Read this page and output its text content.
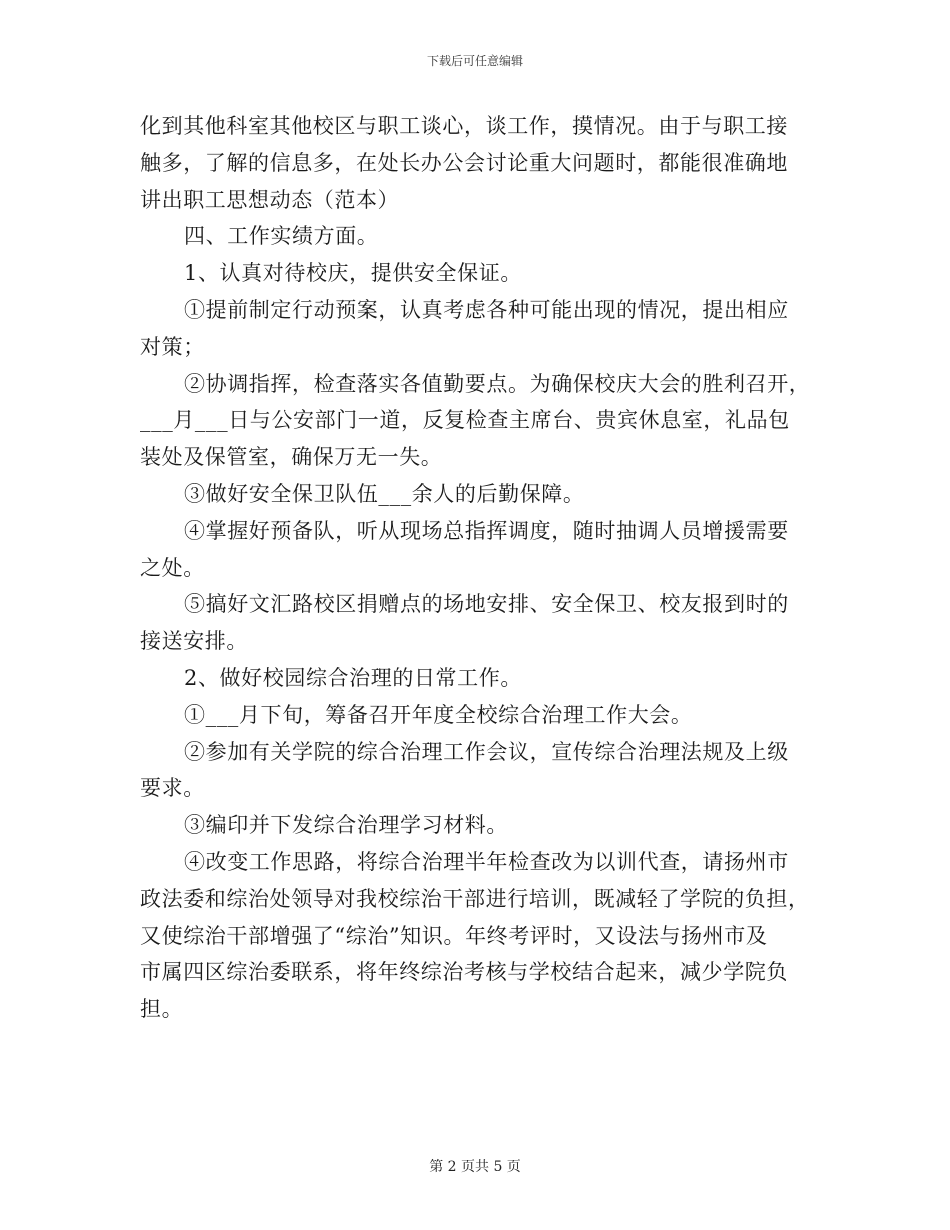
下载后可任意编辑
化到其他科室其他校区与职工谈心，谈工作，摸情况。由于与职工接
触多，了解的信息多，在处长办公会讨论重大问题时，都能很准确地
讲出职工思想动态（范本）
四、工作实绩方面。
1、认真对待校庆，提供安全保证。
①提前制定行动预案，认真考虑各种可能出现的情况，提出相应
对策；
②协调指挥，检查落实各值勤要点。为确保校庆大会的胜利召开，
___月___日与公安部门一道，反复检查主席台、贵宾休息室，礼品包
装处及保管室，确保万无一失。
③做好安全保卫队伍___余人的后勤保障。
④掌握好预备队，听从现场总指挥调度，随时抽调人员增援需要
之处。
⑤搞好文汇路校区捐赠点的场地安排、安全保卫、校友报到时的
接送安排。
2、做好校园综合治理的日常工作。
①___月下旬，筹备召开年度全校综合治理工作大会。
②参加有关学院的综合治理工作会议，宣传综合治理法规及上级
要求。
③编印并下发综合治理学习材料。
④改变工作思路，将综合治理半年检查改为以训代查，请扬州市
政法委和综治处领导对我校综治干部进行培训，既减轻了学院的负担，
又使综治干部增强了“综治”知识。年终考评时，又设法与扬州市及
市属四区综治委联系，将年终综治考核与学校结合起来，减少学院负
担。
第 2 页共 5 页
